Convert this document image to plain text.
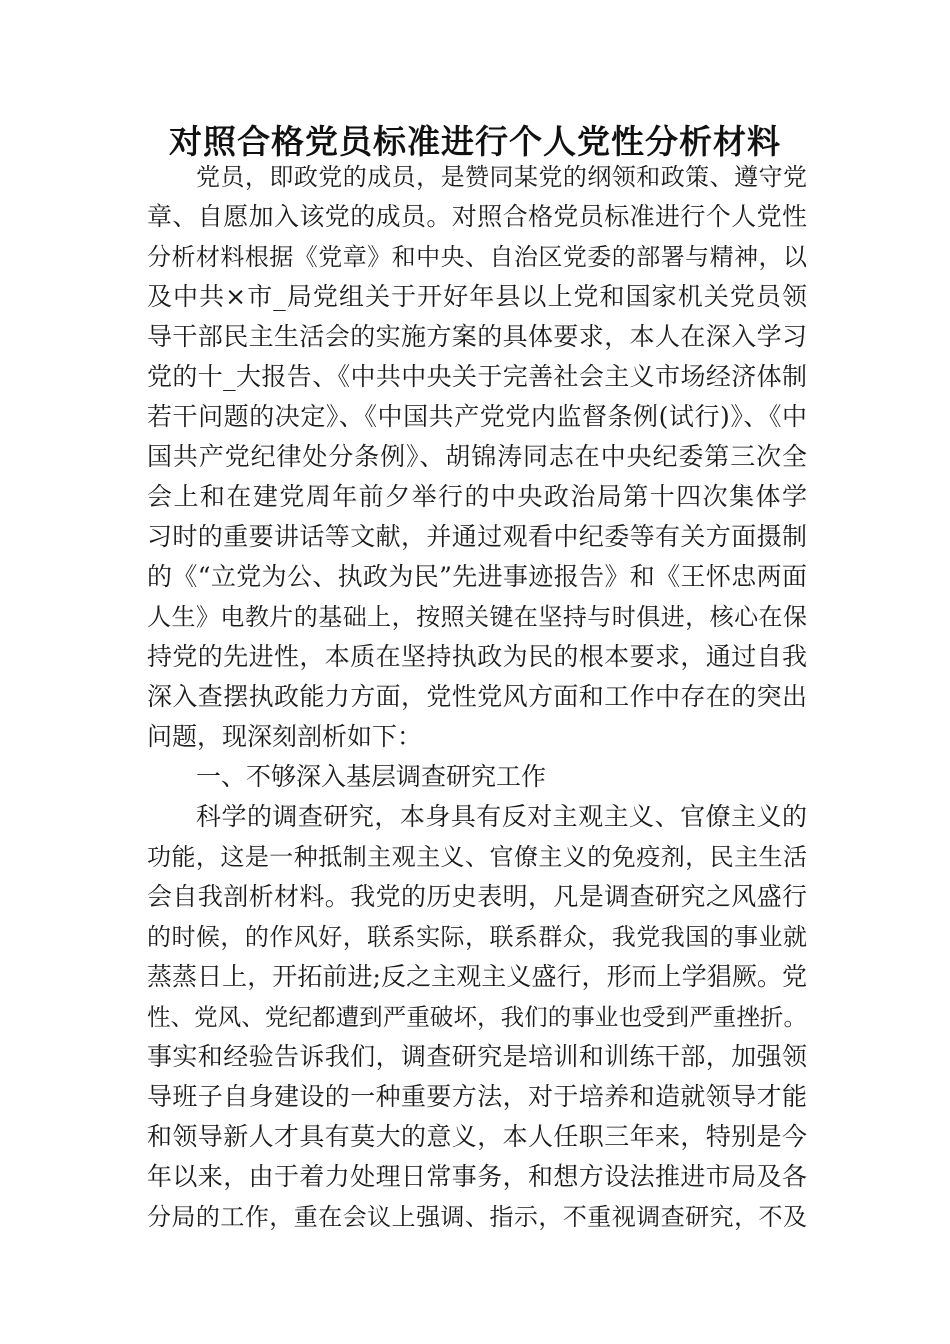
对照合格党员标准进行个人党性分析材料
党员，即政党的成员，是赞同某党的纲领和政策、遵守党
章、自愿加入该党的成员。对照合格党员标准进行个人党性
分析材料根据《党章》和中央、自治区党委的部署与精神，以
及中共×市_局党组关于开好年县以上党和国家机关党员领
导干部民主生活会的实施方案的具体要求，本人在深入学习
党的十_大报告、《中共中央关于完善社会主义市场经济体制
若干问题的决定》、《中国共产党党内监督条例(试行)》、《中
国共产党纪律处分条例》、胡锦涛同志在中央纪委第三次全
会上和在建党周年前夕举行的中央政治局第十四次集体学
习时的重要讲话等文献，并通过观看中纪委等有关方面摄制
的《“立党为公、执政为民”先进事迹报告》和《王怀忠两面
人生》电教片的基础上，按照关键在坚持与时俱进，核心在保
持党的先进性，本质在坚持执政为民的根本要求，通过自我
深入查摆执政能力方面，党性党风方面和工作中存在的突出
问题，现深刻剖析如下：
一、不够深入基层调查研究工作
科学的调查研究，本身具有反对主观主义、官僚主义的
功能，这是一种抵制主观主义、官僚主义的免疫剂，民主生活
会自我剖析材料。我党的历史表明，凡是调查研究之风盛行
的时候，的作风好，联系实际，联系群众，我党我国的事业就
蒸蒸日上，开拓前进;反之主观主义盛行，形而上学猖厥。党
性、党风、党纪都遭到严重破坏，我们的事业也受到严重挫折。
事实和经验告诉我们，调查研究是培训和训练干部，加强领
导班子自身建设的一种重要方法，对于培养和造就领导才能
和领导新人才具有莫大的意义，本人任职三年来，特别是今
年以来，由于着力处理日常事务，和想方设法推进市局及各
分局的工作，重在会议上强调、指示，不重视调查研究，不及
